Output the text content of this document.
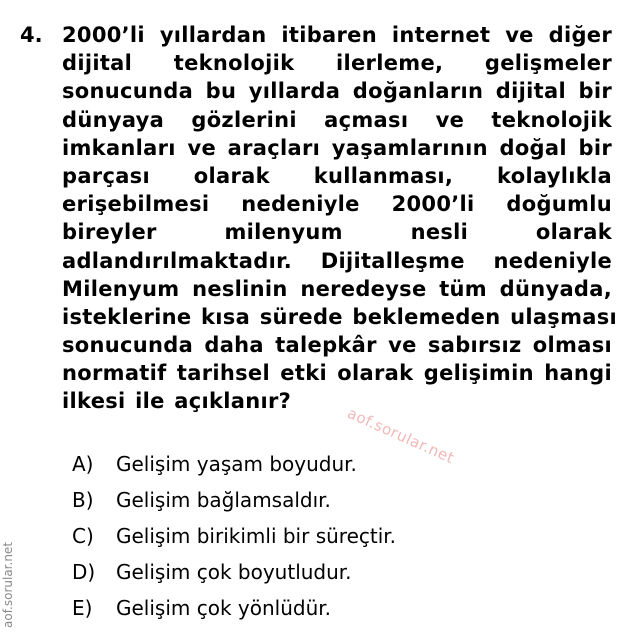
4. 2000’li yıllardan itibaren internet ve diğer
dijital teknolojik ilerleme, gelişmeler
sonucunda bu yıllarda doğanların dijital bir
dünyaya gözlerini açması ve teknolojik
imkanları ve araçları yaşamlarının doğal bir
parçası olarak kullanması, kolaylıkla
erişebilmesi nedeniyle 2000’li doğumlu
bireyler milenyum nesli olarak
adlandırılmaktadır. Dijitalleşme nedeniyle
Milenyum neslinin neredeyse tüm dünyada,
isteklerine kısa sürede beklemeden ulaşması
sonucunda daha talepkâr ve sabırsız olması
normatif tarihsel etki olarak gelişimin hangi
ilkesi ile açıklanır?
A)	Gelişim yaşam boyudur.
B)	Gelişim bağlamsaldır.
C)	Gelişim birikimli bir süreçtir.
D)	Gelişim çok boyutludur.
E)	Gelişim çok yönlüdür.
aof.sorular.net
aof.sorular.net
